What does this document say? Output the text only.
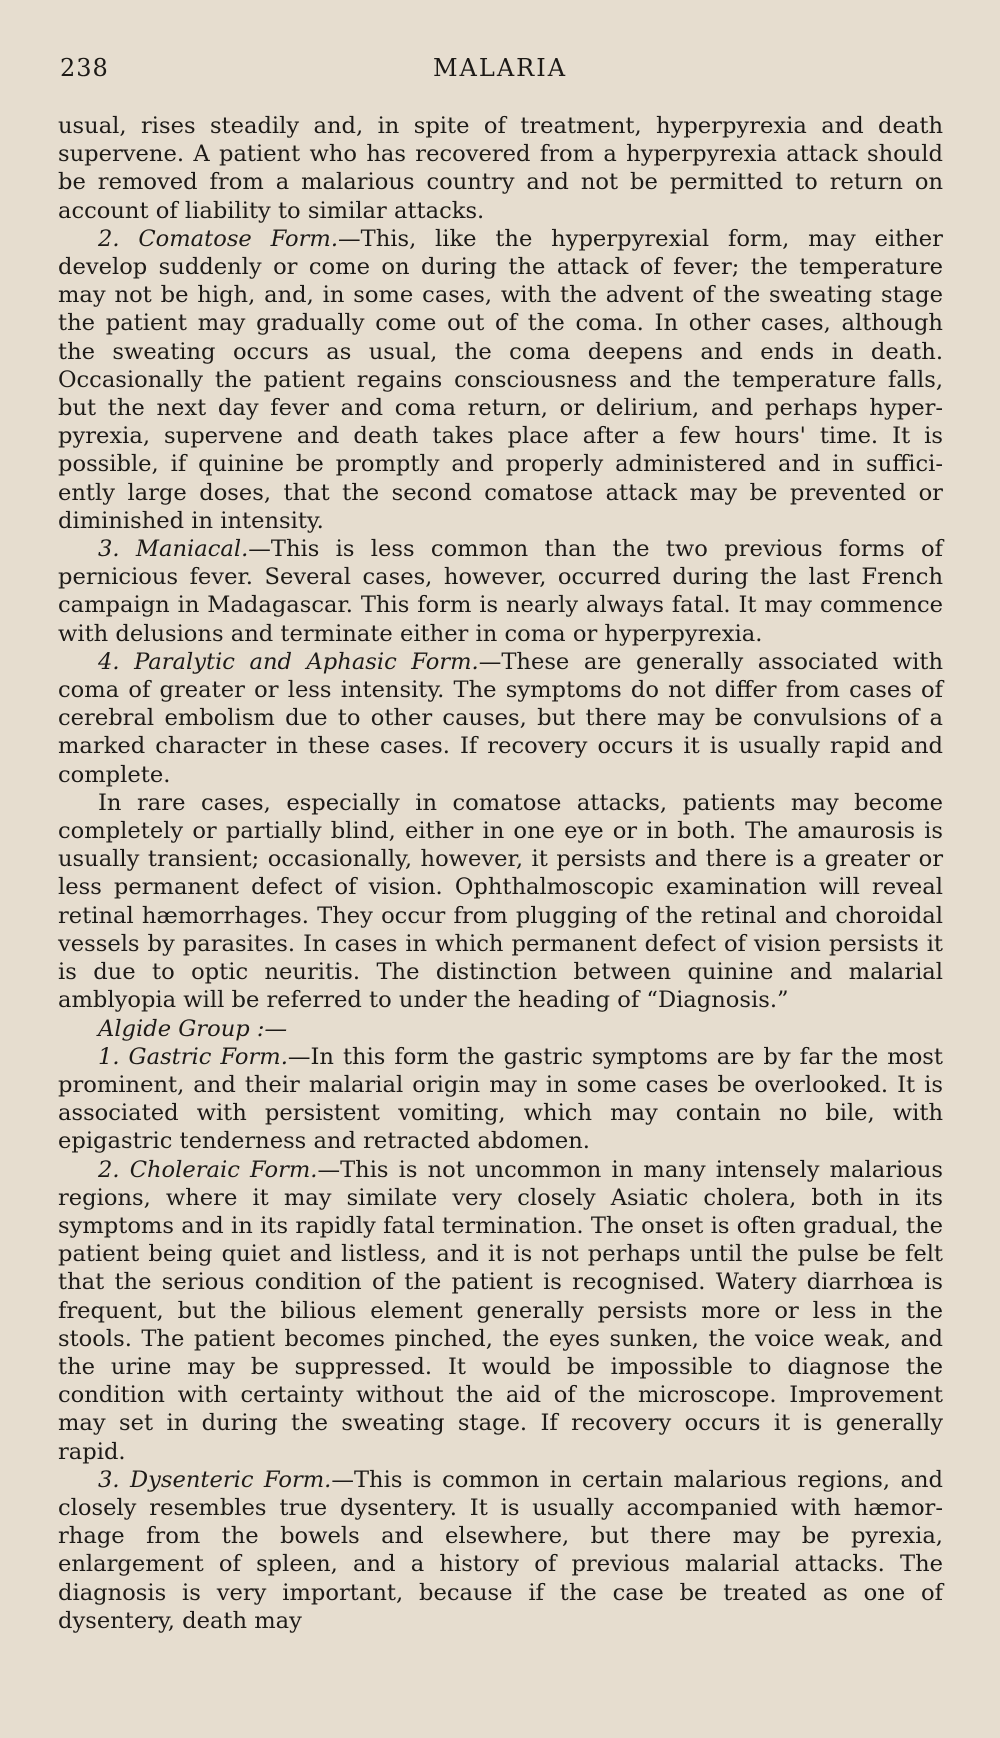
238	MALARIA

usual, rises steadily and, in spite of treatment, hyperpyrexia and death supervene. A patient who has recovered from a hyperpyrexia attack should be removed from a malarious country and not be permitted to return on account of liability to similar attacks.

2. Comatose Form.—This, like the hyperpyrexial form, may either develop suddenly or come on during the attack of fever; the temperature may not be high, and, in some cases, with the advent of the sweating stage the patient may gradually come out of the coma. In other cases, although the sweating occurs as usual, the coma deepens and ends in death. Occasionally the patient regains consciousness and the temperature falls, but the next day fever and coma return, or delirium, and perhaps hyper-pyrexia, supervene and death takes place after a few hours' time. It is possible, if quinine be promptly and properly administered and in suffici-ently large doses, that the second comatose attack may be prevented or diminished in intensity.

3. Maniacal.—This is less common than the two previous forms of pernicious fever. Several cases, however, occurred during the last French campaign in Madagascar. This form is nearly always fatal. It may commence with delusions and terminate either in coma or hyperpyrexia.

4. Paralytic and Aphasic Form.—These are generally associated with coma of greater or less intensity. The symptoms do not differ from cases of cerebral embolism due to other causes, but there may be convulsions of a marked character in these cases. If recovery occurs it is usually rapid and complete.

In rare cases, especially in comatose attacks, patients may become completely or partially blind, either in one eye or in both. The amaurosis is usually transient; occasionally, however, it persists and there is a greater or less permanent defect of vision. Ophthalmoscopic examination will reveal retinal hæmorrhages. They occur from plugging of the retinal and choroidal vessels by parasites. In cases in which permanent defect of vision persists it is due to optic neuritis. The distinction between quinine and malarial amblyopia will be referred to under the heading of “Diagnosis.”

Algide Group :—

1. Gastric Form.—In this form the gastric symptoms are by far the most prominent, and their malarial origin may in some cases be overlooked. It is associated with persistent vomiting, which may contain no bile, with epigastric tenderness and retracted abdomen.

2. Choleraic Form.—This is not uncommon in many intensely malarious regions, where it may similate very closely Asiatic cholera, both in its symptoms and in its rapidly fatal termination. The onset is often gradual, the patient being quiet and listless, and it is not perhaps until the pulse be felt that the serious condition of the patient is recognised. Watery diarrhœa is frequent, but the bilious element generally persists more or less in the stools. The patient becomes pinched, the eyes sunken, the voice weak, and the urine may be suppressed. It would be impossible to diagnose the condition with certainty without the aid of the microscope. Improvement may set in during the sweating stage. If recovery occurs it is generally rapid.

3. Dysenteric Form.—This is common in certain malarious regions, and closely resembles true dysentery. It is usually accompanied with hæmor-rhage from the bowels and elsewhere, but there may be pyrexia, enlargement of spleen, and a history of previous malarial attacks. The diagnosis is very important, because if the case be treated as one of dysentery, death may
